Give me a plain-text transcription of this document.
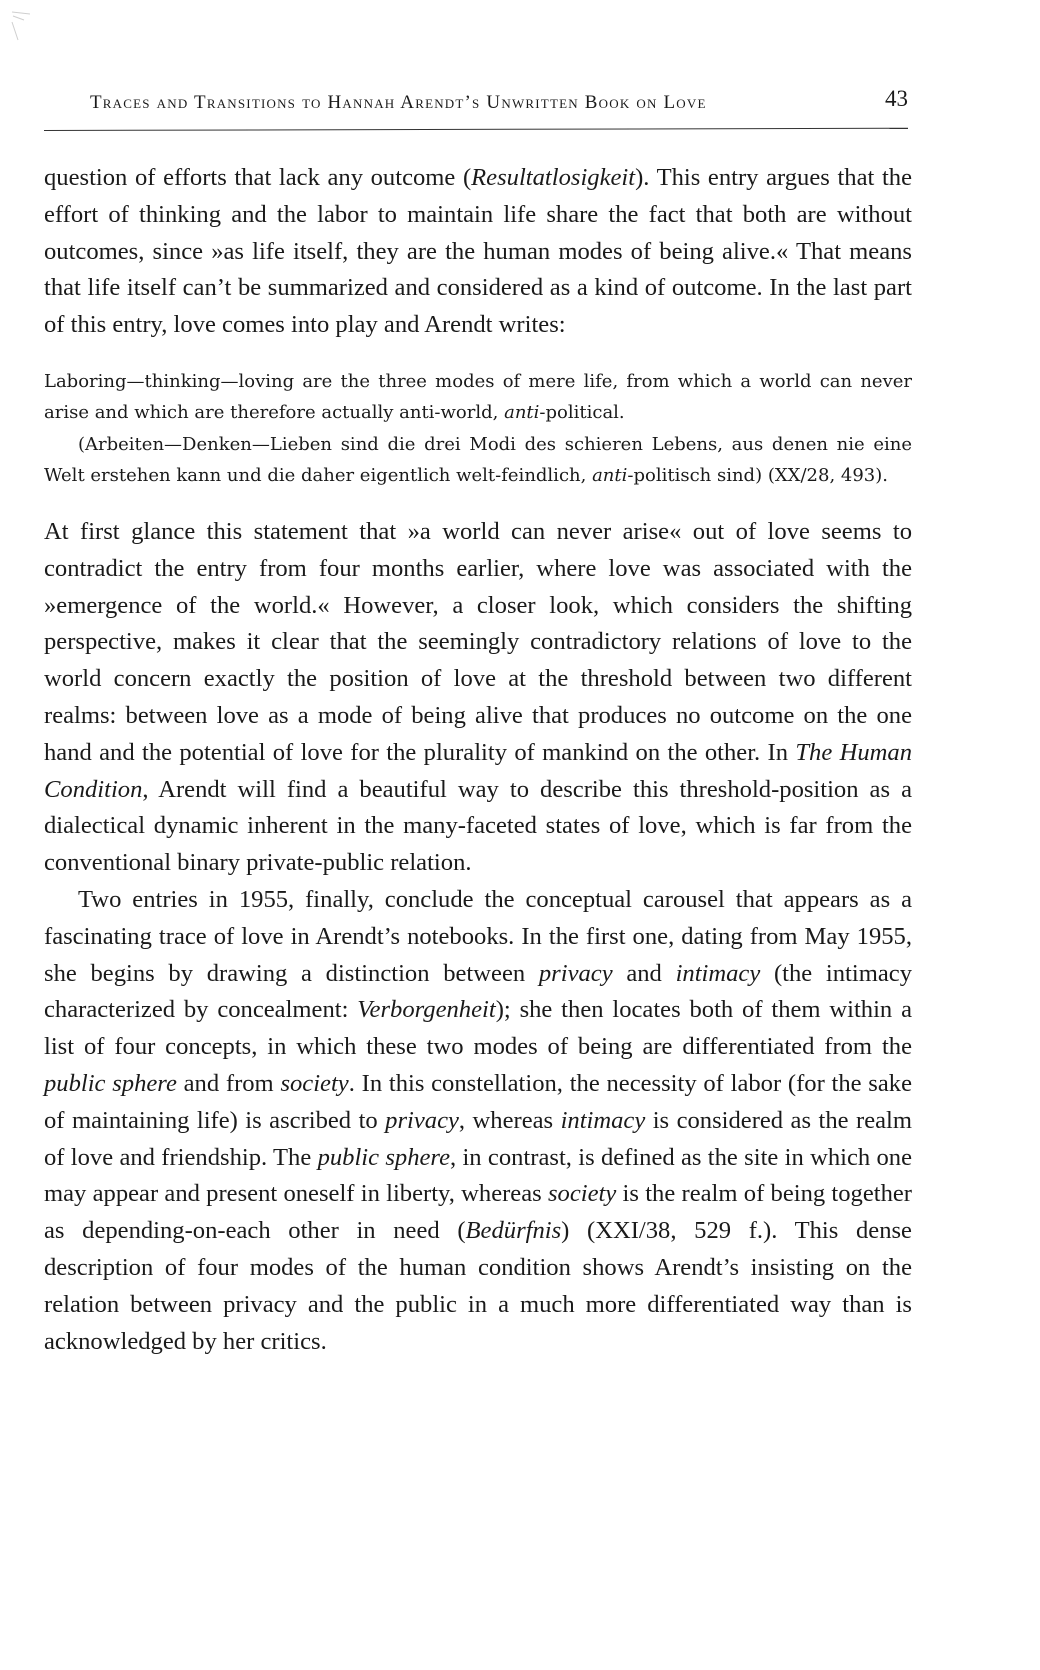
Traces and Transitions to Hannah Arendt’s Unwritten Book on Love	43

question of efforts that lack any outcome (Resultatlosigkeit). This entry argues that the effort of thinking and the labor to maintain life share the fact that both are without outcomes, since »as life itself, they are the human modes of being alive.« That means that life itself can’t be summarized and considered as a kind of outcome. In the last part of this entry, love comes into play and Arendt writes:

Laboring—thinking—loving are the three modes of mere life, from which a world can never arise and which are therefore actually anti-world, anti-political.

(Arbeiten—Denken—Lieben sind die drei Modi des schieren Lebens, aus denen nie eine Welt erstehen kann und die daher eigentlich welt-feindlich, anti-politisch sind) (XX/28, 493).

At first glance this statement that »a world can never arise« out of love seems to contradict the entry from four months earlier, where love was associated with the »emergence of the world.« However, a closer look, which considers the shifting perspective, makes it clear that the seemingly contradictory relations of love to the world concern exactly the position of love at the threshold between two different realms: between love as a mode of being alive that produces no outcome on the one hand and the potential of love for the plurality of mankind on the other. In The Human Condition, Arendt will find a beautiful way to describe this threshold-position as a dialectical dynamic inherent in the many-faceted states of love, which is far from the conventional binary private-public relation.

Two entries in 1955, finally, conclude the conceptual carousel that appears as a fascinating trace of love in Arendt’s notebooks. In the first one, dating from May 1955, she begins by drawing a distinction between privacy and intimacy (the intimacy characterized by concealment: Verborgenheit); she then locates both of them within a list of four concepts, in which these two modes of being are differentiated from the public sphere and from society. In this constellation, the necessity of labor (for the sake of maintaining life) is ascribed to privacy, whereas intimacy is considered as the realm of love and friendship. The public sphere, in contrast, is defined as the site in which one may appear and present oneself in liberty, whereas society is the realm of being together as depending-on-each other in need (Bedürfnis) (XXI/38, 529 f.). This dense description of four modes of the human condition shows Arendt’s insisting on the relation between privacy and the public in a much more differentiated way than is acknowledged by her critics.
